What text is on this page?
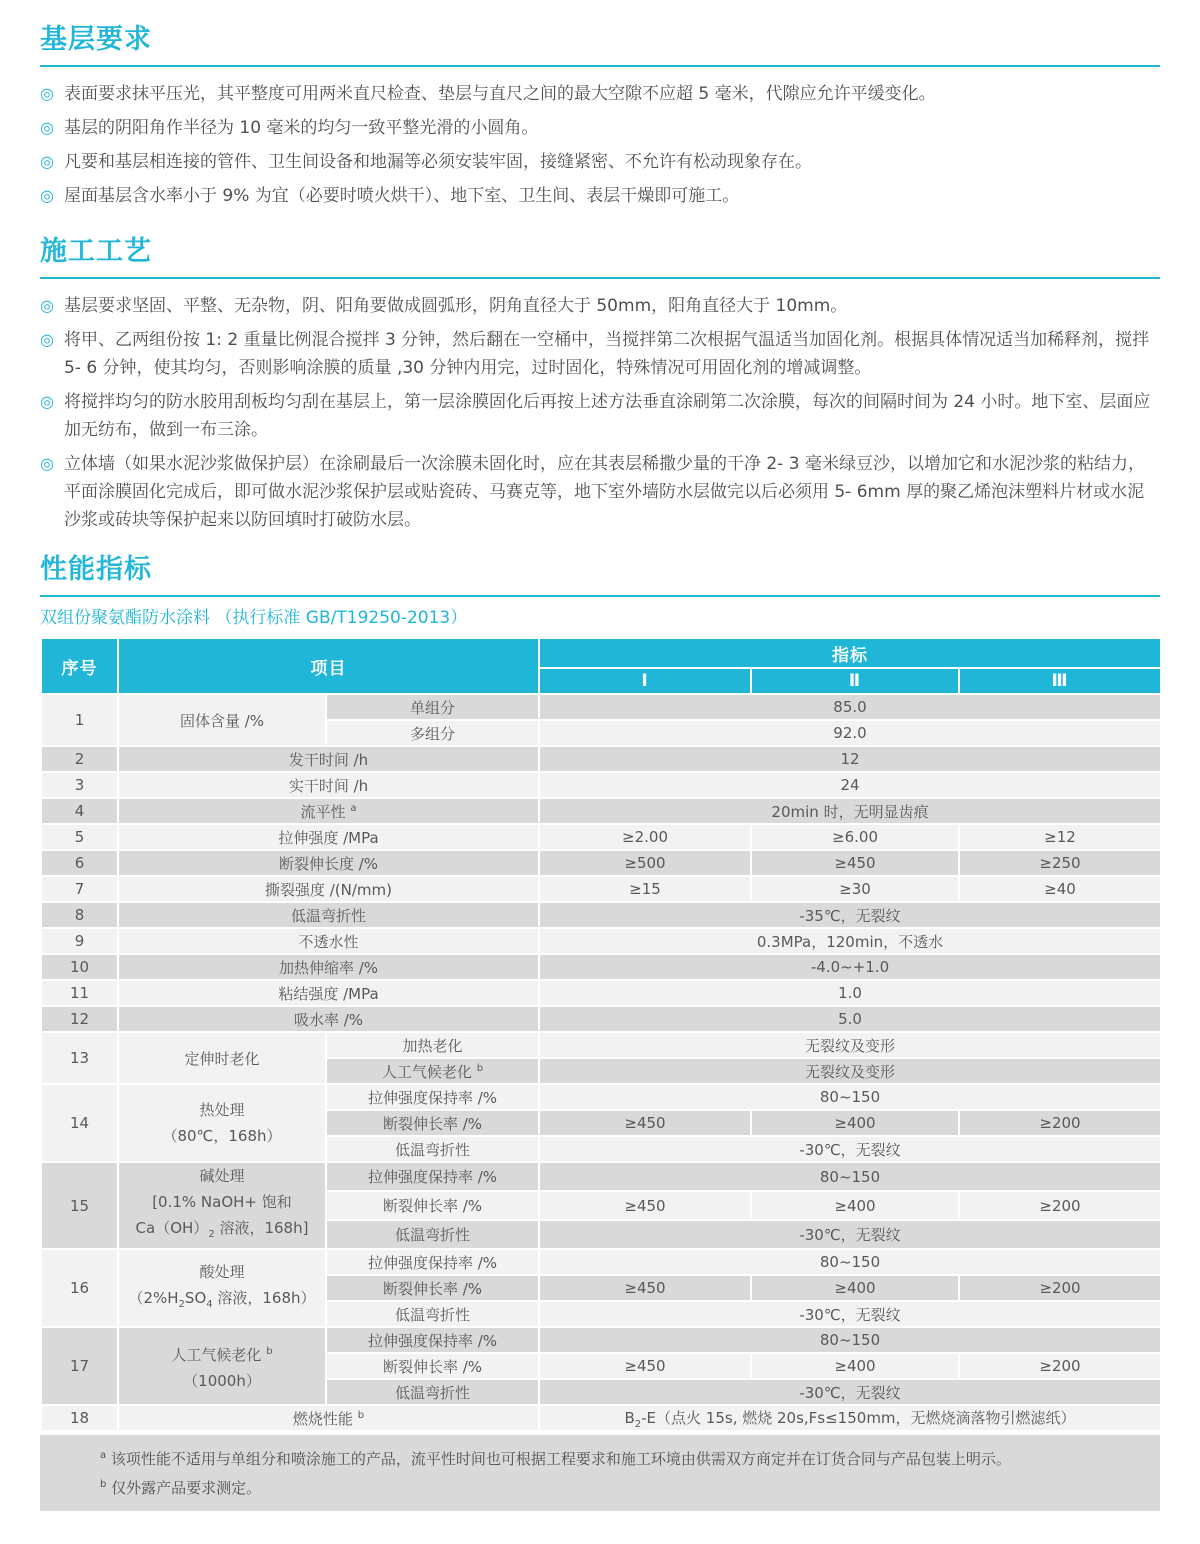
基层要求
◎ 表面要求抹平压光，其平整度可用两米直尺检查、垫层与直尺之间的最大空隙不应超 5 毫米，代隙应允许平缓变化。
◎ 基层的阴阳角作半径为 10 毫米的均匀一致平整光滑的小圆角。
◎ 凡要和基层相连接的管件、卫生间设备和地漏等必须安装牢固，接缝紧密、不允许有松动现象存在。
◎ 屋面基层含水率小于 9% 为宜（必要时喷火烘干）、地下室、卫生间、表层干燥即可施工。
施工工艺
◎ 基层要求坚固、平整、无杂物，阴、阳角要做成圆弧形，阴角直径大于 50mm，阳角直径大于 10mm。
◎ 将甲、乙两组份按 1: 2 重量比例混合搅拌 3 分钟，然后翻在一空桶中，当搅拌第二次根据气温适当加固化剂。根据具体情况适当加稀释剂，搅拌 5- 6 分钟，使其均匀，否则影响涂膜的质量 ,30 分钟内用完，过时固化，特殊情况可用固化剂的增减调整。
◎ 将搅拌均匀的防水胶用刮板均匀刮在基层上，第一层涂膜固化后再按上述方法垂直涂刷第二次涂膜，每次的间隔时间为 24 小时。地下室、层面应加无纺布，做到一布三涂。
◎ 立体墙（如果水泥沙浆做保护层）在涂刷最后一次涂膜未固化时，应在其表层稀撒少量的干净 2- 3 毫米绿豆沙，以增加它和水泥沙浆的粘结力，平面涂膜固化完成后，即可做水泥沙浆保护层或贴瓷砖、马赛克等，地下室外墙防水层做完以后必须用 5- 6mm 厚的聚乙烯泡沫塑料片材或水泥沙浆或砖块等保护起来以防回填时打破防水层。
性能指标
双组份聚氨酯防水涂料 （执行标准 GB/T19250-2013）
序号	项目		指标		
			Ⅰ	Ⅱ	Ⅲ
1	固体含量 /%	单组分	85.0		
		多组分	92.0		
2	发干时间 /h		12		
3	实干时间 /h		24		
4	流平性 $^a$		20min 时，无明显齿痕		
5	拉伸强度 /MPa		≥2.00	≥6.00	≥12
6	断裂伸长度 /%		≥500	≥450	≥250
7	撕裂强度 /(N/mm)		≥15	≥30	≥40
8	低温弯折性		-35℃，无裂纹		
9	不透水性		0.3MPa，120min，不透水		
10	加热伸缩率 /%		-4.0~+1.0		
11	粘结强度 /MPa		1.0		
12	吸水率 /%		5.0		
13	定伸时老化	加热老化	无裂纹及变形		
		人工气候老化 $^b$	无裂纹及变形		
14	热处理
（80℃，168h）	拉伸强度保持率 /%	80~150		
		断裂伸长率 /%	≥450	≥400	≥200
		低温弯折性	-30℃，无裂纹		
15	碱处理
[0.1% NaOH+ 饱和
$Ca(OH)_2$ 溶液，168h]	拉伸强度保持率 /%	80~150		
		断裂伸长率 /%	≥450	≥400	≥200
		低温弯折性	-30℃，无裂纹		
16	酸处理
（$2\%H_2SO_4$ 溶液，168h）	拉伸强度保持率 /%	80~150		
		断裂伸长率 /%	≥450	≥400	≥200
		低温弯折性	-30℃，无裂纹		
17	人工气候老化 $^b$
（1000h）	拉伸强度保持率 /%	80~150		
		断裂伸长率 /%	≥450	≥400	≥200
		低温弯折性	-30℃，无裂纹		
18	燃烧性能 $^b$		$B_2-E$（点火 15s, 燃烧 20s,Fs≤150mm，无燃烧滴落物引燃滤纸）		
$^a$ 该项性能不适用与单组分和喷涂施工的产品，流平性时间也可根据工程要求和施工环境由供需双方商定并在订货合同与产品包装上明示。
$^b$ 仅外露产品要求测定。
